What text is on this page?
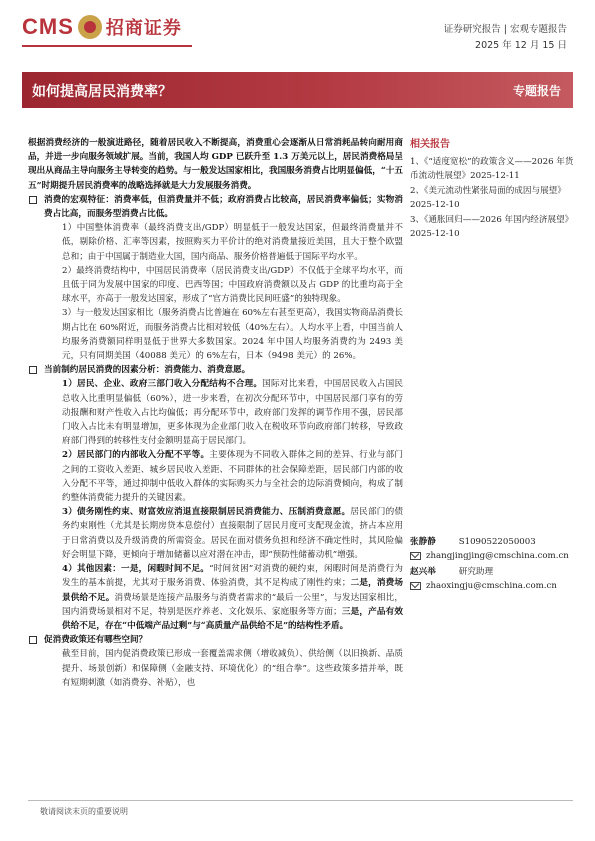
CMS 招商证券	证券研究报告 | 宏观专题报告
2025 年 12 月 15 日
如何提高居民消费率？	专题报告

根据消费经济的一般演进路径，随着居民收入不断提高，消费重心会逐渐从日常消耗品转向耐用商品，并进一步向服务领域扩展。当前，我国人均 GDP 已跃升至 1.3 万美元以上，居民消费格局呈现出从商品主导向服务主导转变的趋势。与一般发达国家相比，我国服务消费占比明显偏低，“十五五”时期提升居民消费率的战略选择就是大力发展服务消费。

消费的宏观特征：消费率低，但消费量并不低；政府消费占比较高，居民消费率偏低；实物消费占比高，而服务型消费占比低。

1）中国整体消费率（最终消费支出/GDP）明显低于一般发达国家，但最终消费量并不低，剔除价格、汇率等因素，按照购买力平价计的绝对消费量接近美国，且大于整个欧盟总和；由于中国属于制造业大国，国内商品、服务价格普遍低于国际平均水平。

2）最终消费结构中，中国居民消费率（居民消费支出/GDP）不仅低于全球平均水平，而且低于同为发展中国家的印度、巴西等国；中国政府消费额以及占 GDP 的比重均高于全球水平，亦高于一般发达国家，形成了“官方消费比民间旺盛”的独特现象。

3）与一般发达国家相比（服务消费占比普遍在 60%左右甚至更高），我国实物商品消费长期占比在 60%附近，而服务消费占比相对较低（40%左右）。人均水平上看，中国当前人均服务消费额同样明显低于世界大多数国家。2024 年中国人均服务消费约为 2493 美元，只有同期美国（40088 美元）的 6%左右，日本（9498 美元）的 26%。

当前制约居民消费的因素分析：消费能力、消费意愿。

1）居民、企业、政府三部门收入分配结构不合理。国际对比来看，中国居民收入占国民总收入比重明显偏低（60%），进一步来看，在初次分配环节中，中国居民部门享有的劳动报酬和财产性收入占比均偏低；再分配环节中，政府部门发挥的调节作用不强，居民部门收入占比未有明显增加，更多体现为企业部门收入在税收环节向政府部门转移，导致政府部门得到的转移性支付金额明显高于居民部门。

2）居民部门的内部收入分配不平等。主要体现为不同收入群体之间的差异、行业与部门之间的工资收入差距、城乡居民收入差距、不同群体的社会保障差距，居民部门内部的收入分配不平等，通过抑制中低收入群体的实际购买力与全社会的边际消费倾向，构成了制约整体消费能力提升的关键因素。

3）债务刚性约束、财富效应消退直接限制居民消费能力、压制消费意愿。居民部门的债务约束刚性（尤其是长期房贷本息偿付）直接限制了居民月度可支配现金流，挤占本应用于日常消费以及升级消费的所需资金。居民在面对债务负担和经济不确定性时，其风险偏好会明显下降，更倾向于增加储蓄以应对潜在冲击，即“预防性储蓄动机”增强。

4）其他因素：一是，闲暇时间不足。“时间贫困”对消费的硬约束，闲暇时间是消费行为发生的基本前提，尤其对于服务消费、体验消费，其不足构成了刚性约束；二是，消费场景供给不足。消费场景是连接产品服务与消费者需求的“最后一公里”，与发达国家相比，国内消费场景相对不足，特别是医疗养老、文化娱乐、家庭服务等方面；三是，产品有效供给不足，存在“中低端产品过剩”与“高质量产品供给不足”的结构性矛盾。

促消费政策还有哪些空间？

截至目前，国内促消费政策已形成一套覆盖需求侧（增收减负）、供给侧（以旧换新、品质提升、场景创新）和保障侧（金融支持、环境优化）的“组合拳”。这些政策多措并举，既有短期刺激（如消费券、补贴），也

相关报告

1、《“适度宽松”的政策含义——2026 年货币流动性展望》2025-12-11

2、《美元流动性紧张局面的成因与展望》2025-12-10

3、《通胀回归——2026 年国内经济展望》2025-12-10

张静静	S1090522050003
zhangjingjing@cmschina.com.cn
赵兴举	研究助理
zhaoxingju@cmschina.com.cn
敬请阅读末页的重要说明
